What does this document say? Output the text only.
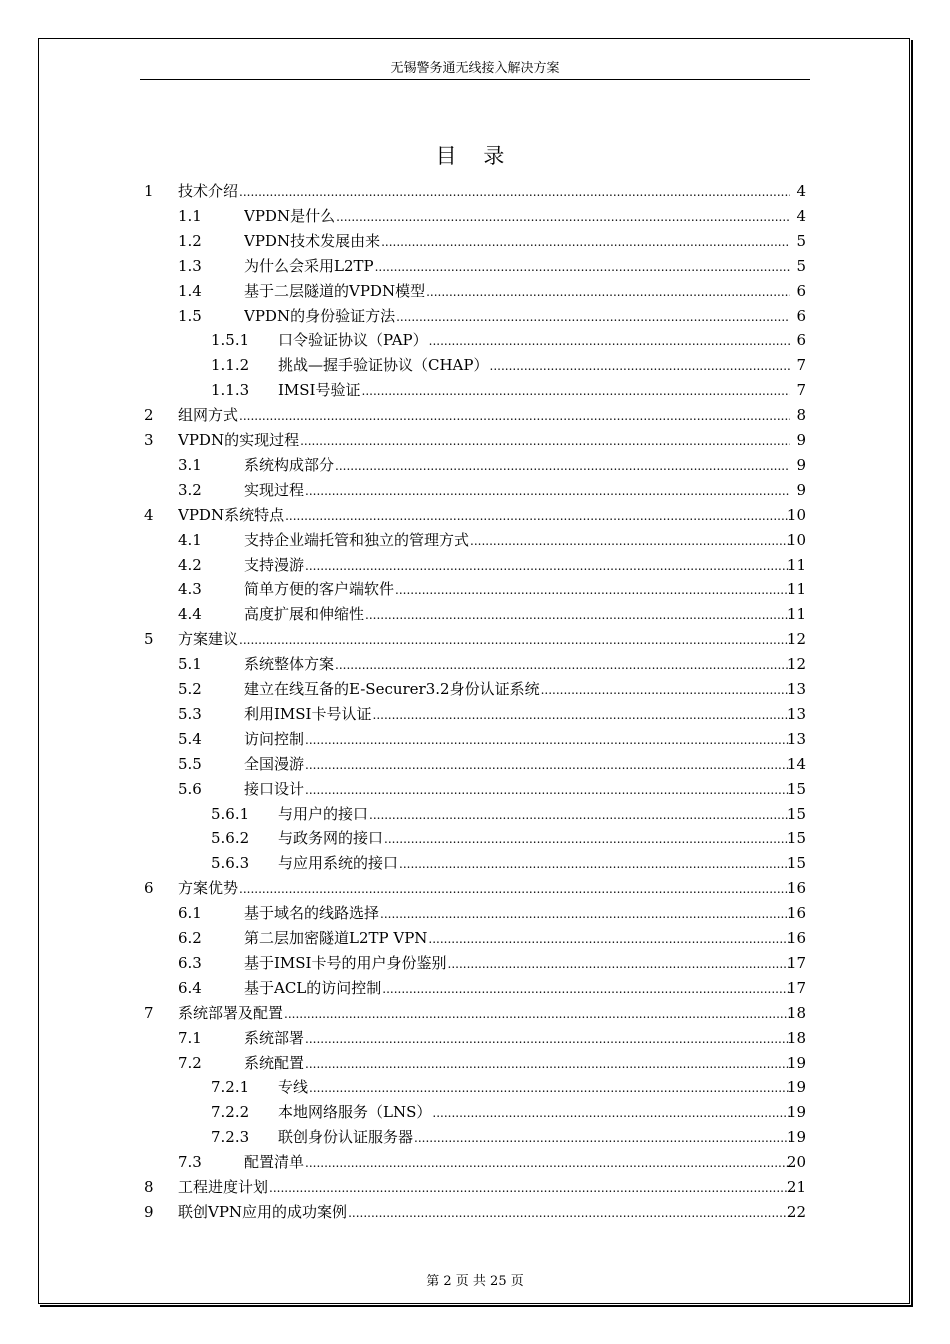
无锡警务通无线接入解决方案
目 录
1 技术介绍 .....	4
1.1	VPDN是什么 .....	4
1.2	VPDN技术发展由来 .....	5
1.3	为什么会采用L2TP .....	5
1.4	基于二层隧道的VPDN模型 .....	6
1.5	VPDN的身份验证方法 .....	6
1.5.1 口令验证协议（PAP） .....	6
1.1.2 挑战—握手验证协议（CHAP） .....	7
1.1.3 IMSI号验证 .....	7
2 组网方式 .....	8
3 VPDN的实现过程 .....	9
3.1	系统构成部分 .....	9
3.2	实现过程 .....	9
4 VPDN系统特点 .....	10
4.1	支持企业端托管和独立的管理方式 .....	10
4.2	支持漫游 .....	11
4.3	简单方便的客户端软件 .....	11
4.4	高度扩展和伸缩性 .....	11
5 方案建议 .....	12
5.1	系统整体方案 .....	12
5.2	建立在线互备的E-Securer3.2身份认证系统 .....	13
5.3	利用IMSI卡号认证 .....	13
5.4	访问控制 .....	13
5.5	全国漫游 .....	14
5.6	接口设计 .....	15
5.6.1 与用户的接口 .....	15
5.6.2 与政务网的接口 .....	15
5.6.3 与应用系统的接口 .....	15
6 方案优势 .....	16
6.1	基于域名的线路选择 .....	16
6.2	第二层加密隧道L2TP VPN .....	16
6.3	基于IMSI卡号的用户身份鉴别 .....	17
6.4	基于ACL的访问控制 .....	17
7 系统部署及配置 .....	18
7.1	系统部署 .....	18
7.2	系统配置 .....	19
7.2.1 专线 .....	19
7.2.2 本地网络服务（LNS） .....	19
7.2.3 联创身份认证服务器 .....	19
7.3	配置清单 .....	20
8 工程进度计划 .....	21
9 联创VPN应用的成功案例 .....	22
第 2 页 共 25 页
